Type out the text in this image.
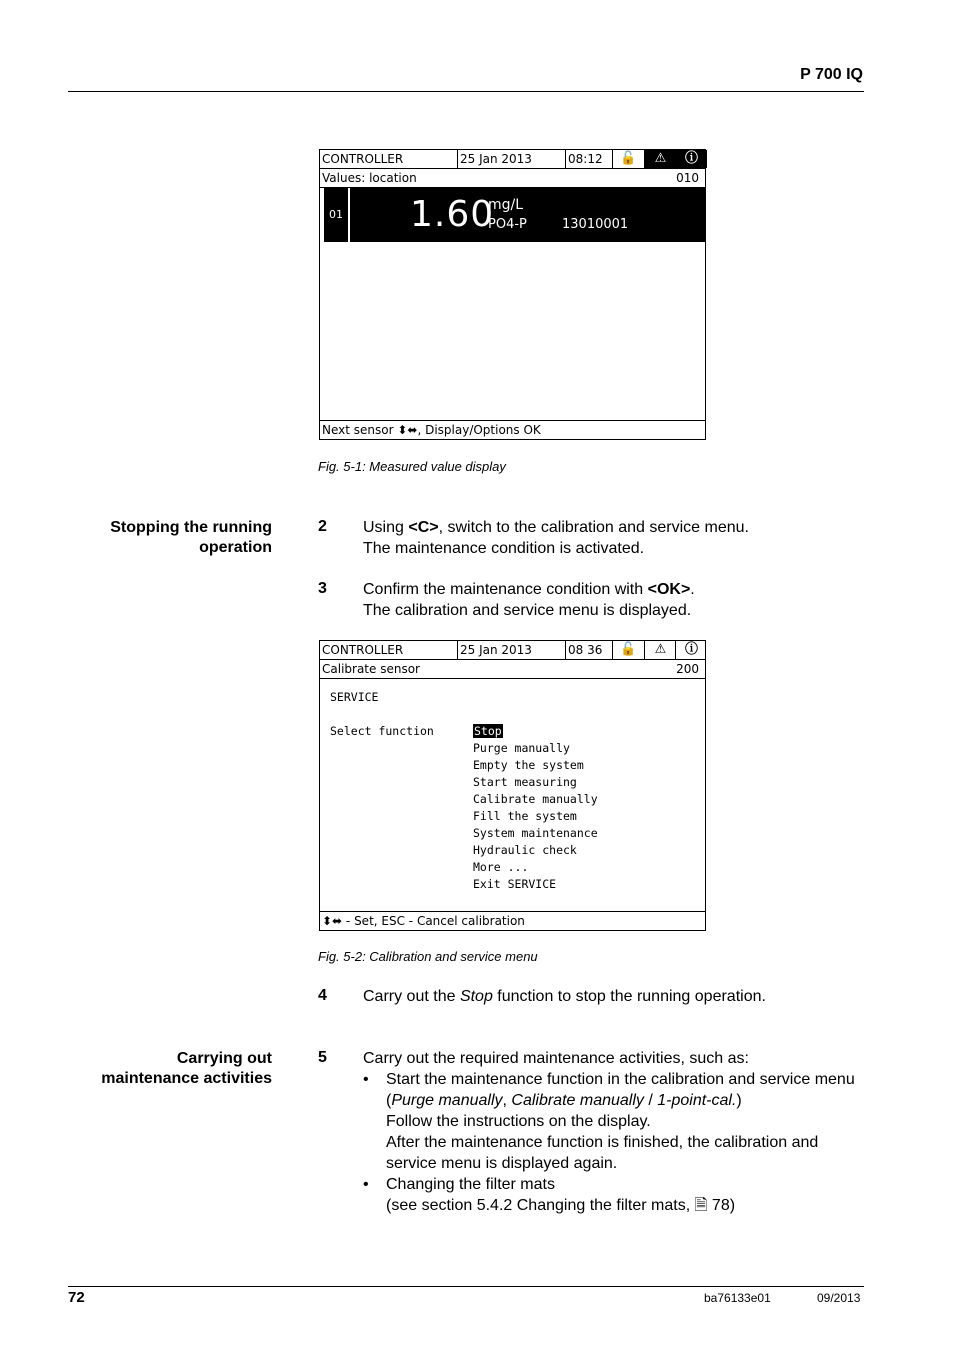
P 700 IQ
CONTROLLER	25 Jan 2013	08:12	🔓	⚠	ⓘ
Values: location	010
01 1.60
mg/L
PO4-P	13010001
Next sensor ⬍⬌, Display/Options OK
Fig. 5-1: Measured value display
Stopping the running
operation
2 Using <C>, switch to the calibration and service menu.
The maintenance condition is activated.
3 Confirm the maintenance condition with <OK>.
The calibration and service menu is displayed.
CONTROLLER	25 Jan 2013	08 36	🔓	⚠	ⓘ
Calibrate sensor	200
SERVICE
Select function	Stop
Purge manually
Empty the system
Start measuring
Calibrate manually
Fill the system
System maintenance
Hydraulic check
More ...
Exit SERVICE
⬍⬌ - Set, ESC - Cancel calibration
Fig. 5-2: Calibration and service menu
4 Carry out the Stop function to stop the running operation.
Carrying out
maintenance activities
5 Carry out the required maintenance activities, such as:
• Start the maintenance function in the calibration and service menu (Purge manually, Calibrate manually / 1-point-cal.)
Follow the instructions on the display.
After the maintenance function is finished, the calibration and service menu is displayed again.
• Changing the filter mats
(see section 5.4.2 Changing the filter mats, 🗎 78)
72	ba76133e01	09/2013
